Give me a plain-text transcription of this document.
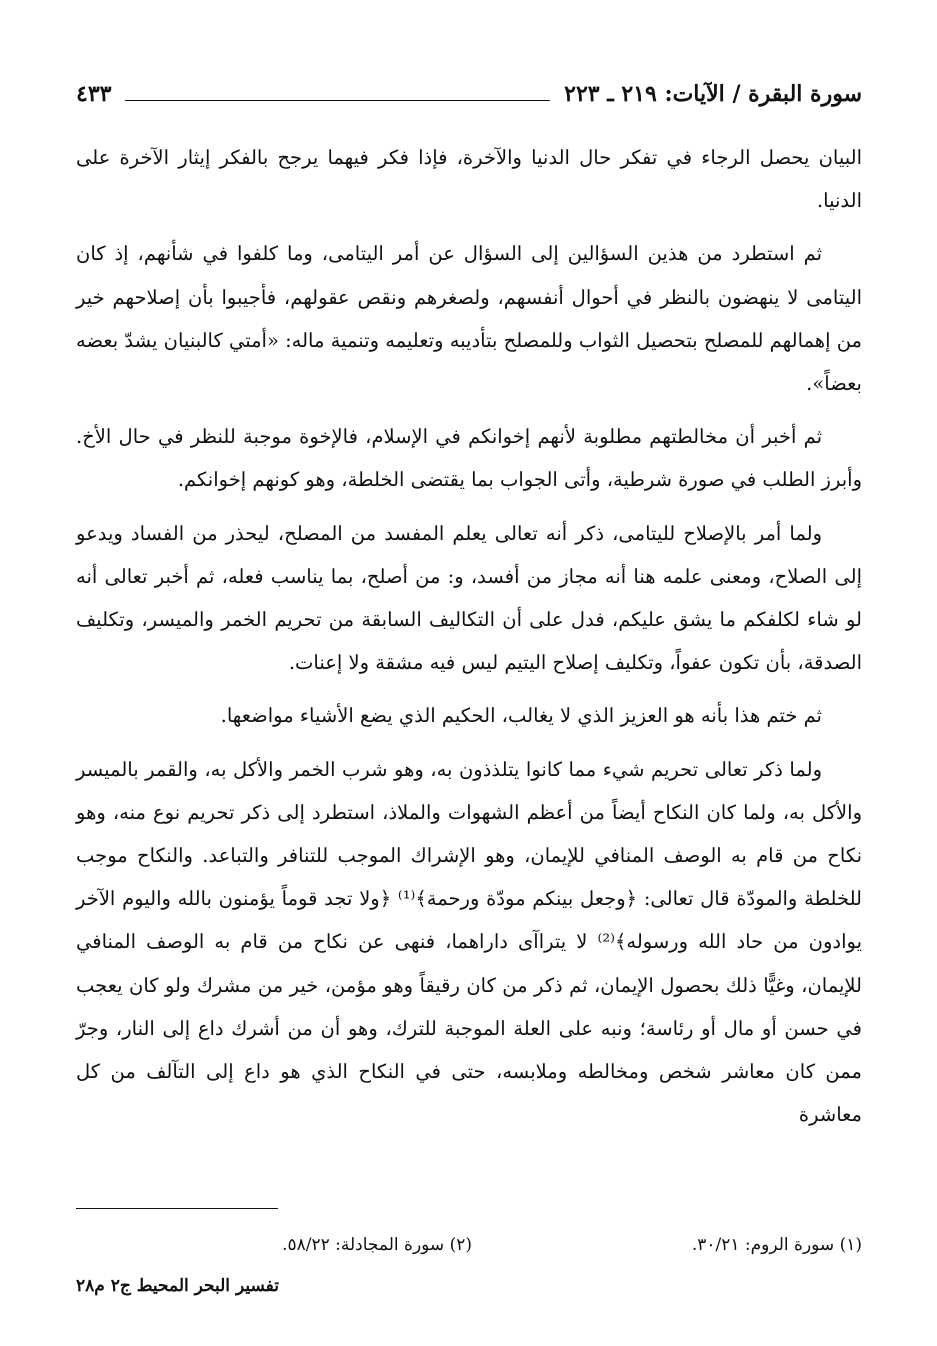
سورة البقرة / الآيات: ٢١٩ ـ ٢٢٣
٤٣٣

البيان يحصل الرجاء في تفكر حال الدنيا والآخرة، فإذا فكر فيهما يرجح بالفكر إيثار الآخرة على الدنيا.

ثم استطرد من هذين السؤالين إلى السؤال عن أمر اليتامى، وما كلفوا في شأنهم، إذ كان اليتامى لا ينهضون بالنظر في أحوال أنفسهم، ولصغرهم ونقص عقولهم، فأجيبوا بأن إصلاحهم خير من إهمالهم للمصلح بتحصيل الثواب وللمصلح بتأديبه وتعليمه وتنمية ماله: «أمتي كالبنيان يشدّ بعضه بعضاً».

ثم أخبر أن مخالطتهم مطلوبة لأنهم إخوانكم في الإسلام، فالإخوة موجبة للنظر في حال الأخ. وأبرز الطلب في صورة شرطية، وأتى الجواب بما يقتضى الخلطة، وهو كونهم إخوانكم.

ولما أمر بالإصلاح لليتامى، ذكر أنه تعالى يعلم المفسد من المصلح، ليحذر من الفساد ويدعو إلى الصلاح، ومعنى علمه هنا أنه مجاز من أفسد، و: من أصلح، بما يناسب فعله، ثم أخبر تعالى أنه لو شاء لكلفكم ما يشق عليكم، فدل على أن التكاليف السابقة من تحريم الخمر والميسر، وتكليف الصدقة، بأن تكون عفواً، وتكليف إصلاح اليتيم ليس فيه مشقة ولا إعنات.

ثم ختم هذا بأنه هو العزيز الذي لا يغالب، الحكيم الذي يضع الأشياء مواضعها.

ولما ذكر تعالى تحريم شيء مما كانوا يتلذذون به، وهو شرب الخمر والأكل به، والقمر بالميسر والأكل به، ولما كان النكاح أيضاً من أعظم الشهوات والملاذ، استطرد إلى ذكر تحريم نوع منه، وهو نكاح من قام به الوصف المنافي للإيمان، وهو الإشراك الموجب للتنافر والتباعد. والنكاح موجب للخلطة والمودّة قال تعالى: ﴿وجعل بينكم مودّة ورحمة﴾⁽¹⁾ ﴿ولا تجد قوماً يؤمنون بالله واليوم الآخر يوادون من حاد الله ورسوله﴾⁽²⁾ لا يتراآى داراهما، فنهى عن نكاح من قام به الوصف المنافي للإيمان، وغيًّا ذلك بحصول الإيمان، ثم ذكر من كان رقيقاً وهو مؤمن، خير من مشرك ولو كان يعجب في حسن أو مال أو رئاسة؛ ونبه على العلة الموجبة للترك، وهو أن من أشرك داع إلى النار، وجرّ ممن كان معاشر شخص ومخالطه وملابسه، حتى في النكاح الذي هو داع إلى التآلف من كل معاشرة

(١) سورة الروم: ٣٠/٢١.
(٢) سورة المجادلة: ٥٨/٢٢.
تفسير البحر المحيط ج٢ م٢٨
